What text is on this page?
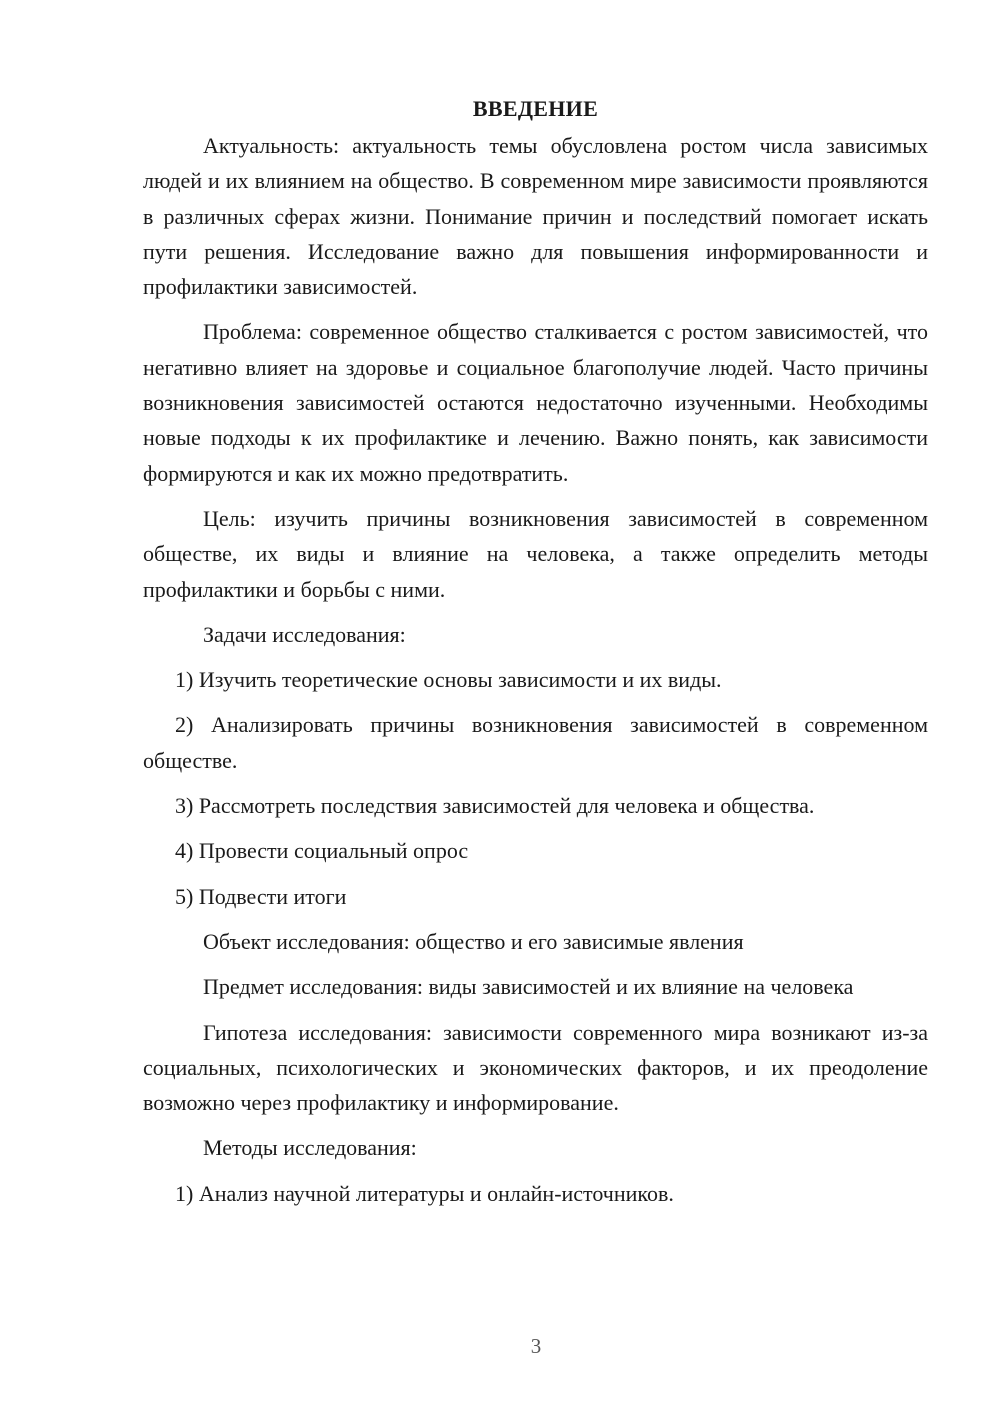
ВВЕДЕНИЕ

Актуальность: актуальность темы обусловлена ростом числа зависимых людей и их влиянием на общество. В современном мире зависимости проявляются в различных сферах жизни. Понимание причин и последствий помогает искать пути решения. Исследование важно для повышения информированности и профилактики зависимостей.

Проблема: современное общество сталкивается с ростом зависимостей, что негативно влияет на здоровье и социальное благополучие людей. Часто причины возникновения зависимостей остаются недостаточно изученными. Необходимы новые подходы к их профилактике и лечению. Важно понять, как зависимости формируются и как их можно предотвратить.

Цель: изучить причины возникновения зависимостей в современном обществе, их виды и влияние на человека, а также определить методы профилактики и борьбы с ними.

Задачи исследования:

1) Изучить теоретические основы зависимости и их виды.

2) Анализировать причины возникновения зависимостей в современном обществе.

3) Рассмотреть последствия зависимостей для человека и общества.

4) Провести социальный опрос

5) Подвести итоги

Объект исследования: общество и его зависимые явления

Предмет исследования: виды зависимостей и их влияние на человека

Гипотеза исследования: зависимости современного мира возникают из-за социальных, психологических и экономических факторов, и их преодоление возможно через профилактику и информирование.

Методы исследования:

1) Анализ научной литературы и онлайн-источников.

3
